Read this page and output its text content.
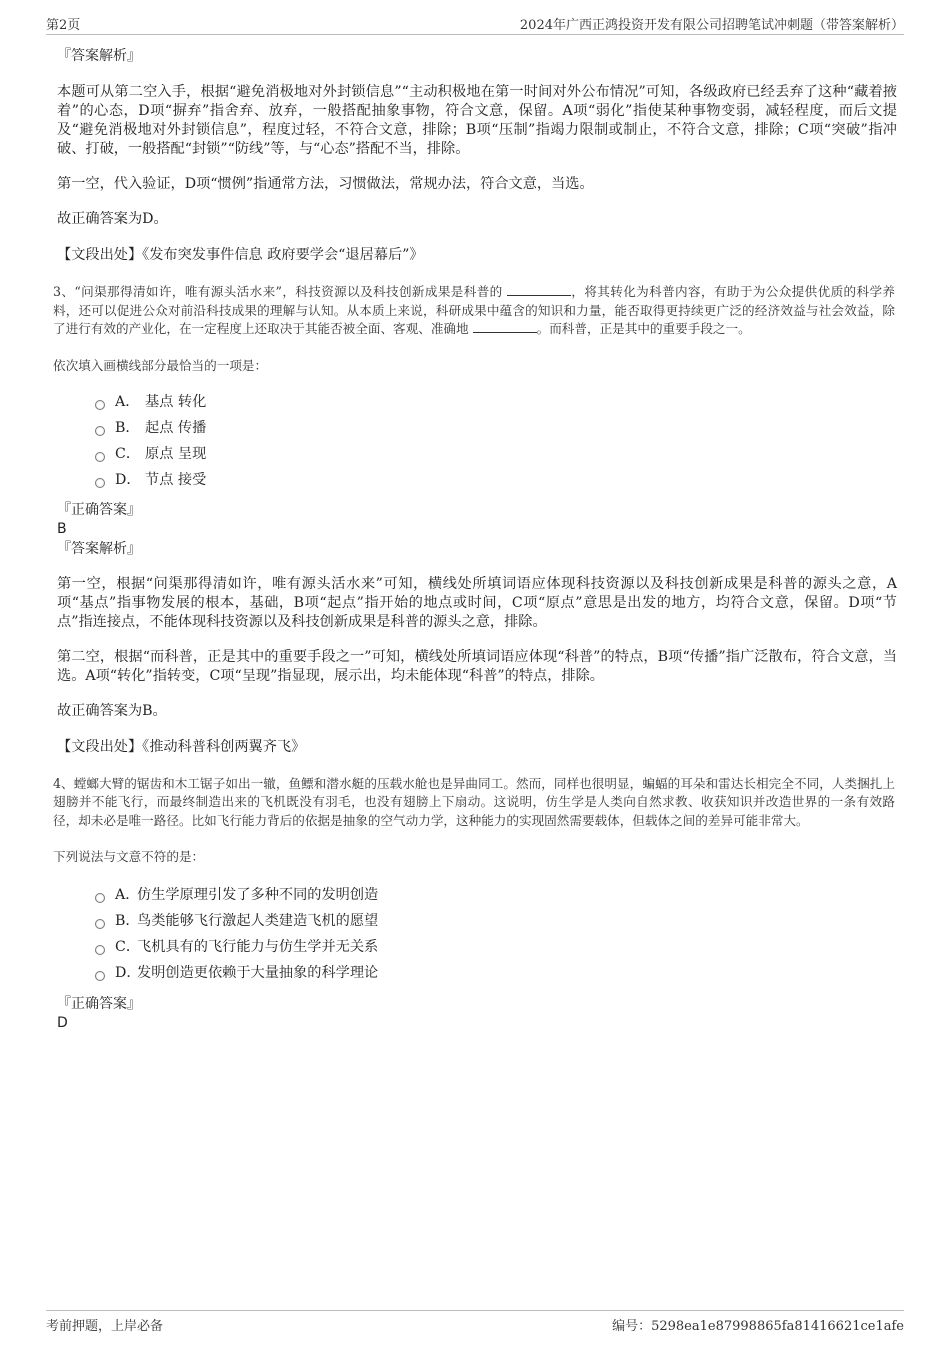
第2页	2024年广西正鸿投资开发有限公司招聘笔试冲刺题（带答案解析）

『答案解析』

本题可从第二空入手，根据“避免消极地对外封锁信息”“主动积极地在第一时间对外公布情况”可知，各级政府已经丢弃了这种“藏着掖着”的心态，D项“摒弃”指舍弃、放弃，一般搭配抽象事物，符合文意，保留。A项“弱化”指使某种事物变弱，减轻程度，而后文提及“避免消极地对外封锁信息”，程度过轻，不符合文意，排除；B项“压制”指竭力限制或制止，不符合文意，排除；C项“突破”指冲破、打破，一般搭配“封锁”“防线”等，与“心态”搭配不当，排除。

第一空，代入验证，D项“惯例”指通常方法，习惯做法，常规办法，符合文意，当选。

故正确答案为D。

【文段出处】《发布突发事件信息 政府要学会“退居幕后”》

3、“问渠那得清如许，唯有源头活水来”，科技资源以及科技创新成果是科普的	，将其转化为科普内容，有助于为公众提供优质的科学养料，还可以促进公众对前沿科技成果的理解与认知。从本质上来说，科研成果中蕴含的知识和力量，能否取得更持续更广泛的经济效益与社会效益，除了进行有效的产业化，在一定程度上还取决于其能否被全面、客观、准确地	。而科普，正是其中的重要手段之一。

依次填入画横线部分最恰当的一项是：

A． 基点 转化
B． 起点 传播
C． 原点 呈现
D． 节点 接受

『正确答案』

B

『答案解析』

第一空，根据“问渠那得清如许，唯有源头活水来”可知，横线处所填词语应体现科技资源以及科技创新成果是科普的源头之意，A项“基点”指事物发展的根本，基础，B项“起点”指开始的地点或时间，C项“原点”意思是出发的地方，均符合文意，保留。D项“节点”指连接点，不能体现科技资源以及科技创新成果是科普的源头之意，排除。

第二空，根据“而科普，正是其中的重要手段之一”可知，横线处所填词语应体现“科普”的特点，B项“传播”指广泛散布，符合文意，当选。A项“转化”指转变，C项“呈现”指显现，展示出，均未能体现“科普”的特点，排除。

故正确答案为B。

【文段出处】《推动科普科创两翼齐飞》

4、螳螂大臂的锯齿和木工锯子如出一辙，鱼鳔和潜水艇的压载水舱也是异曲同工。然而，同样也很明显，蝙蝠的耳朵和雷达长相完全不同，人类捆扎上翅膀并不能飞行，而最终制造出来的飞机既没有羽毛，也没有翅膀上下扇动。这说明，仿生学是人类向自然求教、收获知识并改造世界的一条有效路径，却未必是唯一路径。比如飞行能力背后的依据是抽象的空气动力学，这种能力的实现固然需要载体，但载体之间的差异可能非常大。

下列说法与文意不符的是：

A．
仿生学原理引发了多种不同的发明创造
B．
鸟类能够飞行激起人类建造飞机的愿望
C．
飞机具有的飞行能力与仿生学并无关系
D．
发明创造更依赖于大量抽象的科学理论

『正确答案』

D

考前押题，上岸必备	编号：5298ea1e87998865fa81416621ce1afe
